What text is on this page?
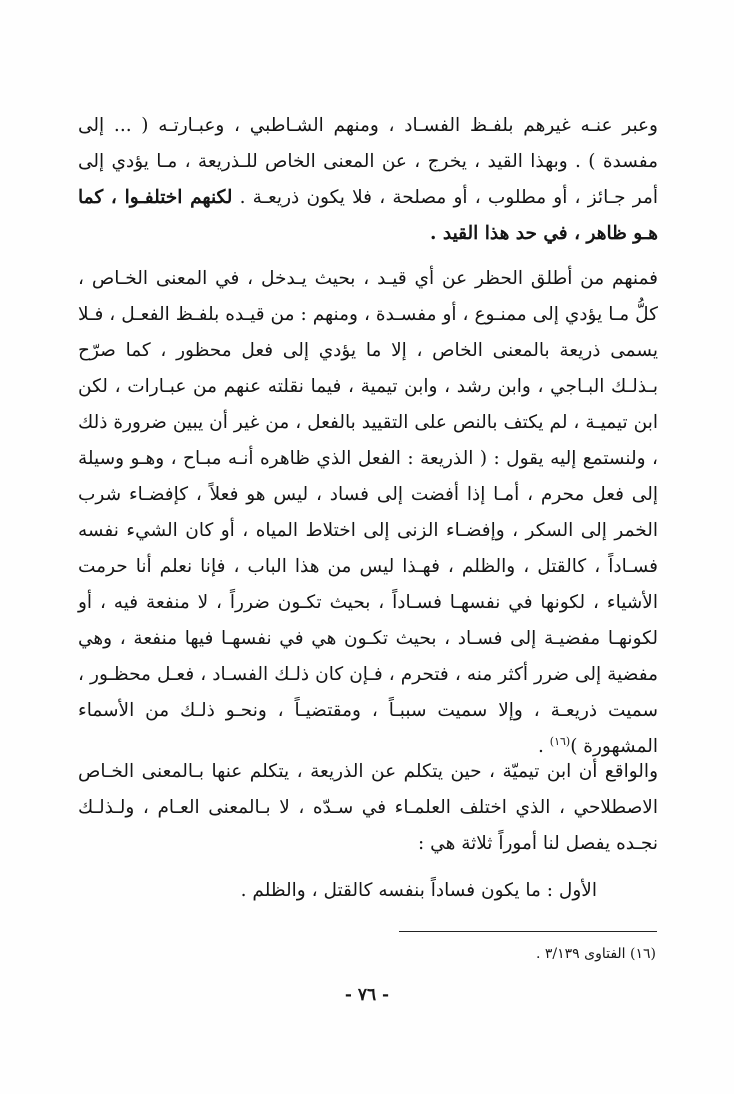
وعبر عنـه غيرهم بلفـظ الفسـاد ، ومنهم الشـاطبي ، وعبـارتـه ( ... إلى مفسدة ) . وبهذا القيد ، يخرج ، عن المعنى الخاص للـذريعة ، مـا يؤدي إلى أمر جـائز ، أو مطلوب ، أو مصلحة ، فلا يكون ذريعـة . لكنهم اختلفـوا ، كما هـو ظاهر ، في حد هذا القيد .
فمنهم من أطلق الحظر عن أي قيـد ، بحيث يـدخل ، في المعنى الخـاص ، كلُّ مـا يؤدي إلى ممنـوع ، أو مفسـدة ، ومنهم : من قيـده بلفـظ الفعـل ، فـلا يسمى ذريعة بالمعنى الخاص ، إلا ما يؤدي إلى فعل محظور ، كما صرّح بـذلـك البـاجي ، وابن رشد ، وابن تيمية ، فيما نقلته عنهم من عبـارات ، لكن ابن تيميـة ، لم يكتف بالنص على التقييد بالفعل ، من غير أن يبين ضرورة ذلك ، ولنستمع إليه يقول : ( الذريعة : الفعل الذي ظاهره أنـه مبـاح ، وهـو وسيلة إلى فعل محرم ، أمـا إذا أفضت إلى فساد ، ليس هو فعلاً ، كإفضـاء شرب الخمر إلى السكر ، وإفضـاء الزنى إلى اختلاط المياه ، أو كان الشيء نفسه فسـاداً ، كالقتل ، والظلم ، فهـذا ليس من هذا الباب ، فإنا نعلم أنا حرمت الأشياء ، لكونها في نفسهـا فسـاداً ، بحيث تكـون ضرراً ، لا منفعة فيه ، أو لكونهـا مفضيـة إلى فسـاد ، بحيث تكـون هي في نفسهـا فيها منفعة ، وهي مفضية إلى ضرر أكثر منه ، فتحرم ، فـإن كان ذلـك الفسـاد ، فعـل محظـور ، سميت ذريعـة ، وإلا سميت سببـاً ، ومقتضيـاً ، ونحـو ذلـك من الأسماء المشهورة )$^{(١٦)}$ .
والواقع أن ابن تيميّة ، حين يتكلم عن الذريعة ، يتكلم عنها بـالمعنى الخـاص الاصطلاحي ، الذي اختلف العلمـاء في سـدّه ، لا بـالمعنى العـام ، ولـذلـك نجـده يفصل لنا أموراً ثلاثة هي :
الأول : ما يكون فساداً بنفسه كالقتل ، والظلم .
(١٦) الفتاوى ٣/١٣٩ .
- ٧٦ -
